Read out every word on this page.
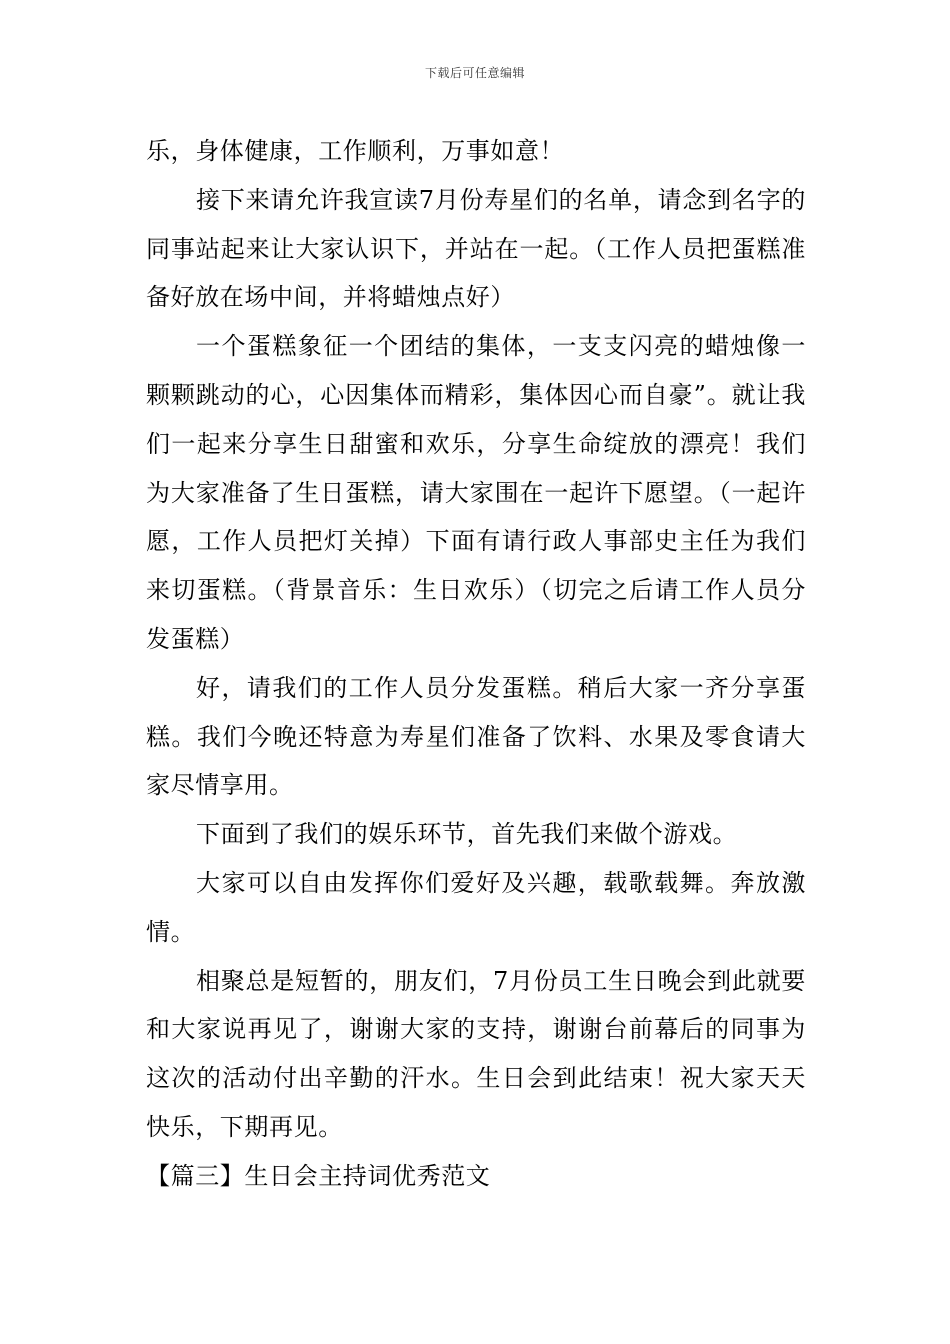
下载后可任意编辑

乐，身体健康，工作顺利，万事如意！

接下来请允许我宣读7月份寿星们的名单，请念到名字的同事站起来让大家认识下，并站在一起。（工作人员把蛋糕准备好放在场中间，并将蜡烛点好）

一个蛋糕象征一个团结的集体，一支支闪亮的蜡烛像一颗颗跳动的心，心因集体而精彩，集体因心而自豪”。就让我们一起来分享生日甜蜜和欢乐，分享生命绽放的漂亮！我们为大家准备了生日蛋糕，请大家围在一起许下愿望。（一起许愿，工作人员把灯关掉）下面有请行政人事部史主任为我们来切蛋糕。（背景音乐：生日欢乐）（切完之后请工作人员分发蛋糕）

好，请我们的工作人员分发蛋糕。稍后大家一齐分享蛋糕。我们今晚还特意为寿星们准备了饮料、水果及零食请大家尽情享用。

下面到了我们的娱乐环节，首先我们来做个游戏。

大家可以自由发挥你们爱好及兴趣，载歌载舞。奔放激情。

相聚总是短暂的，朋友们，7月份员工生日晚会到此就要和大家说再见了，谢谢大家的支持，谢谢台前幕后的同事为这次的活动付出辛勤的汗水。生日会到此结束！祝大家天天快乐，下期再见。

【篇三】生日会主持词优秀范文
